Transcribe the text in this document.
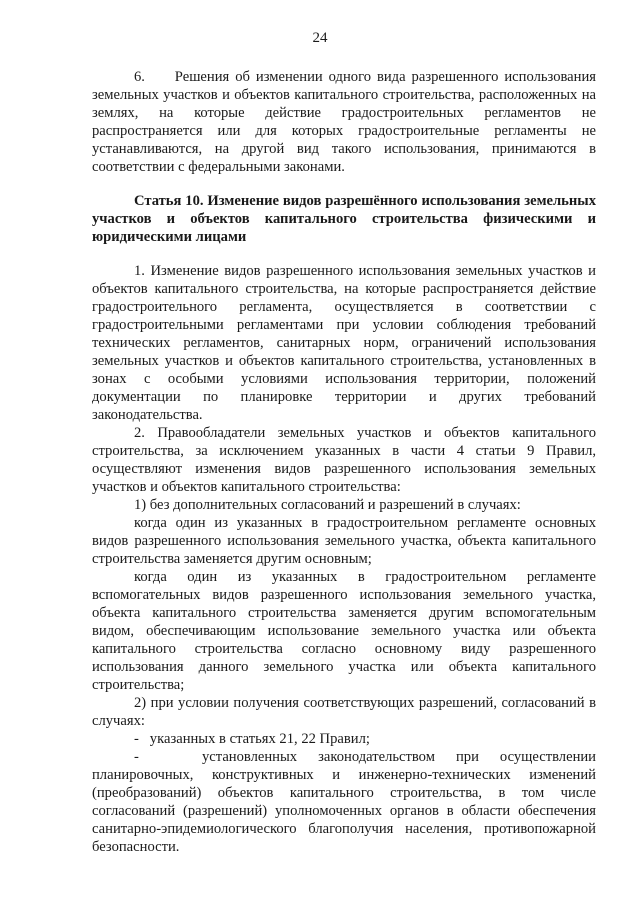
24

6.     Решения об изменении одного вида разрешенного использования земельных участков и объектов капитального строительства, расположенных на землях, на которые действие градостроительных регламентов не распространяется или для которых градостроительные регламенты не устанавливаются, на другой вид такого использования, принимаются в соответствии с федеральными законами.

Статья 10. Изменение видов разрешённого использования земельных участков и объектов капитального строительства физическими и юридическими лицами

1. Изменение видов разрешенного использования земельных участков и объектов капитального строительства, на которые распространяется действие градостроительного регламента, осуществляется в соответствии с градостроительными регламентами при условии соблюдения требований технических регламентов, санитарных норм, ограничений использования земельных участков и объектов капитального строительства, установленных в зонах с особыми условиями использования территории, положений документации по планировке территории и других требований законодательства.

2. Правообладатели земельных участков и объектов капитального строительства, за исключением указанных в части 4 статьи 9 Правил, осуществляют изменения видов разрешенного использования земельных участков и объектов капитального строительства:

1) без дополнительных согласований и разрешений в случаях:

когда один из указанных в градостроительном регламенте основных видов разрешенного использования земельного участка, объекта капитального строительства заменяется другим основным;

когда один из указанных в градостроительном регламенте вспомогательных видов разрешенного использования земельного участка, объекта капитального строительства заменяется другим вспомогательным видом, обеспечивающим использование земельного участка или объекта капитального строительства согласно основному виду разрешенного использования данного земельного участка или объекта капитального строительства;

2) при условии получения соответствующих разрешений, согласований в случаях:

-   указанных в статьях 21, 22 Правил;

-   установленных законодательством при осуществлении планировочных, конструктивных и инженерно-технических изменений (преобразований) объектов капитального строительства, в том числе согласований (разрешений) уполномоченных органов в области обеспечения санитарно-эпидемиологического благополучия населения, противопожарной безопасности.
